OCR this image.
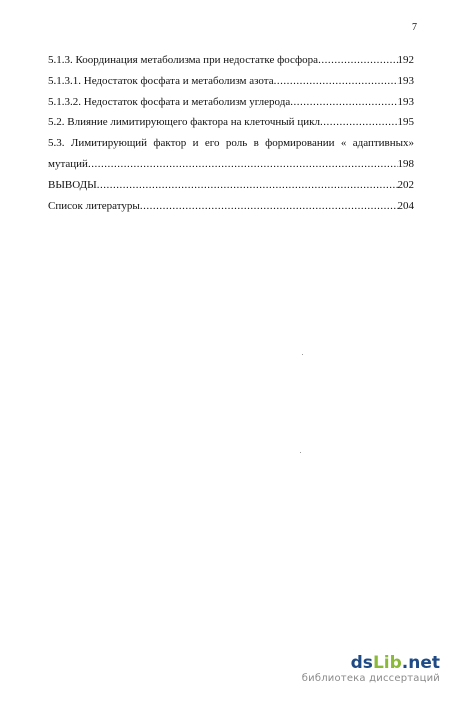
7
5.1.3. Координация метаболизма при недостатке фосфора .....	192
5.1.3.1. Недостаток фосфата и метаболизм азота .....	193
5.1.3.2. Недостаток фосфата и метаболизм углерода .....	193
5.2. Влияние лимитирующего фактора на клеточный цикл .....	195
5.3. Лимитирующий фактор и его роль в формировании « адаптивных»
мутаций .....	198
ВЫВОДЫ .....	202
Список литературы .....	204
dsLib.net
библиотека диссертаций
